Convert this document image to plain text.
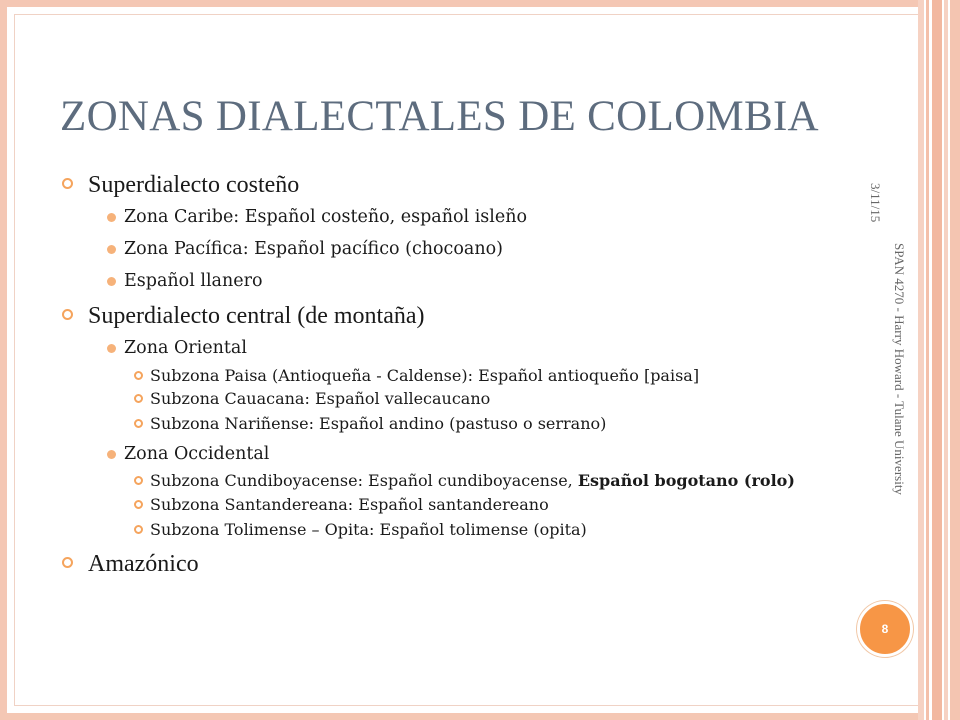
ZONAS DIALECTALES DE COLOMBIA
Superdialecto costeño
Zona Caribe: Español costeño, español isleño
Zona Pacífica: Español pacífico (chocoano)
Español llanero
Superdialecto central (de montaña)
Zona Oriental
Subzona Paisa (Antioqueña - Caldense): Español antioqueño [paisa]
Subzona Cauacana: Español vallecaucano
Subzona Nariñense: Español andino (pastuso o serrano)
Zona Occidental
Subzona Cundiboyacense: Español cundiboyacense, Español bogotano (rolo)
Subzona Santandereana: Español santandereano
Subzona Tolimense – Opita: Español tolimense (opita)
Amazónico
3/11/15
SPAN 4270 - Harry Howard - Tulane University
8
